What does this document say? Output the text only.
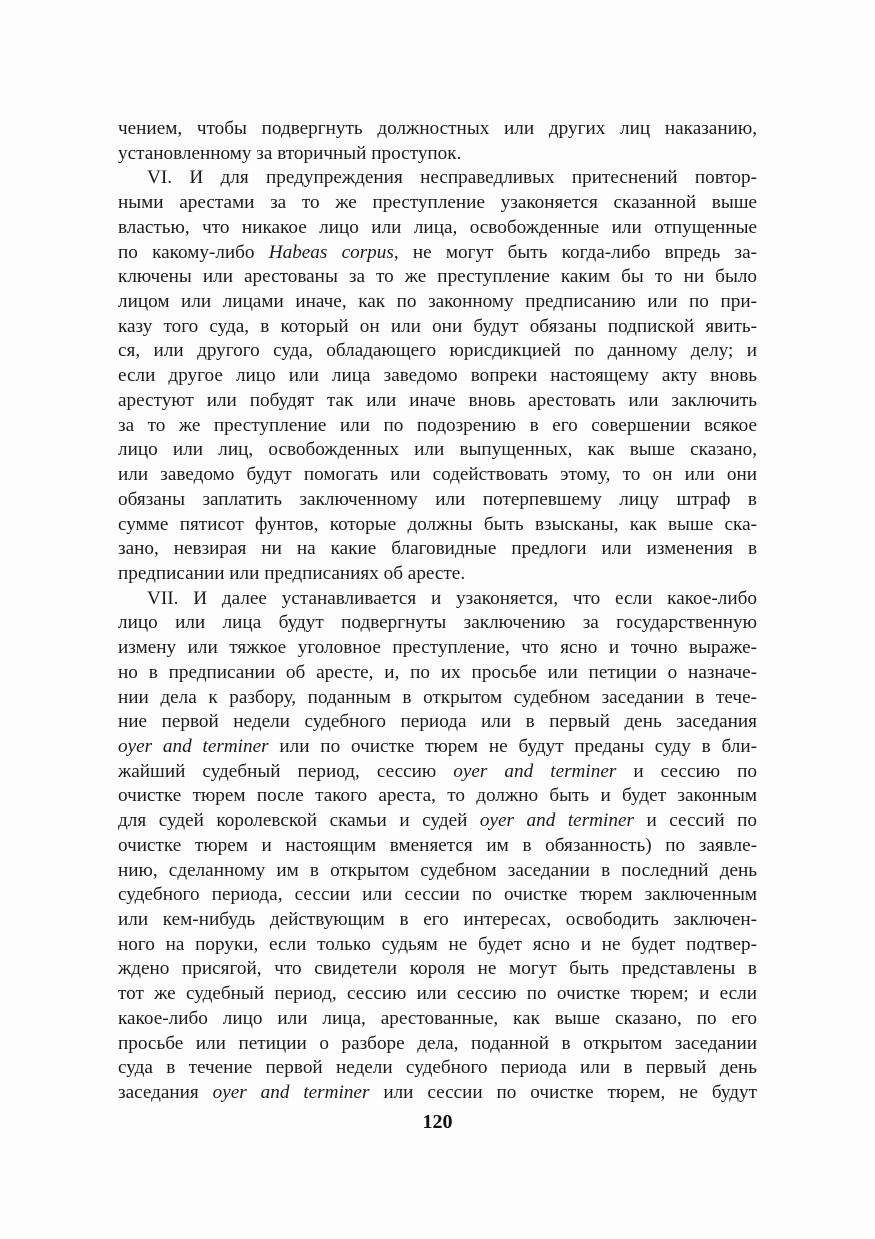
чением, чтобы подвергнуть должностных или других лиц наказанию,
установленному за вторичный проступок.
VI. И для предупреждения несправедливых притеснений повтор-
ными арестами за то же преступление узаконяется сказанной выше
властью, что никакое лицо или лица, освобожденные или отпущенные
по какому-либо Habeas corpus, не могут быть когда-либо впредь за-
ключены или арестованы за то же преступление каким бы то ни было
лицом или лицами иначе, как по законному предписанию или по при-
казу того суда, в который он или они будут обязаны подпиской явить-
ся, или другого суда, обладающего юрисдикцией по данному делу; и
если другое лицо или лица заведомо вопреки настоящему акту вновь
арестуют или побудят так или иначе вновь арестовать или заключить
за то же преступление или по подозрению в его совершении всякое
лицо или лиц, освобожденных или выпущенных, как выше сказано,
или заведомо будут помогать или содействовать этому, то он или они
обязаны заплатить заключенному или потерпевшему лицу штраф в
сумме пятисот фунтов, которые должны быть взысканы, как выше ска-
зано, невзирая ни на какие благовидные предлоги или изменения в
предписании или предписаниях об аресте.
VII. И далее устанавливается и узаконяется, что если какое-либо
лицо или лица будут подвергнуты заключению за государственную
измену или тяжкое уголовное преступление, что ясно и точно выраже-
но в предписании об аресте, и, по их просьбе или петиции о назначе-
нии дела к разбору, поданным в открытом судебном заседании в тече-
ние первой недели судебного периода или в первый день заседания
oyer and terminer или по очистке тюрем не будут преданы суду в бли-
жайший судебный период, сессию oyer and terminer и сессию по
очистке тюрем после такого ареста, то должно быть и будет законным
для судей королевской скамьи и судей oyer and terminer и сессий по
очистке тюрем и настоящим вменяется им в обязанность) по заявле-
нию, сделанному им в открытом судебном заседании в последний день
судебного периода, сессии или сессии по очистке тюрем заключенным
или кем-нибудь действующим в его интересах, освободить заключен-
ного на поруки, если только судьям не будет ясно и не будет подтвер-
ждено присягой, что свидетели короля не могут быть представлены в
тот же судебный период, сессию или сессию по очистке тюрем; и если
какое-либо лицо или лица, арестованные, как выше сказано, по его
просьбе или петиции о разборе дела, поданной в открытом заседании
суда в течение первой недели судебного периода или в первый день
заседания oyer and terminer или сессии по очистке тюрем, не будут
120
